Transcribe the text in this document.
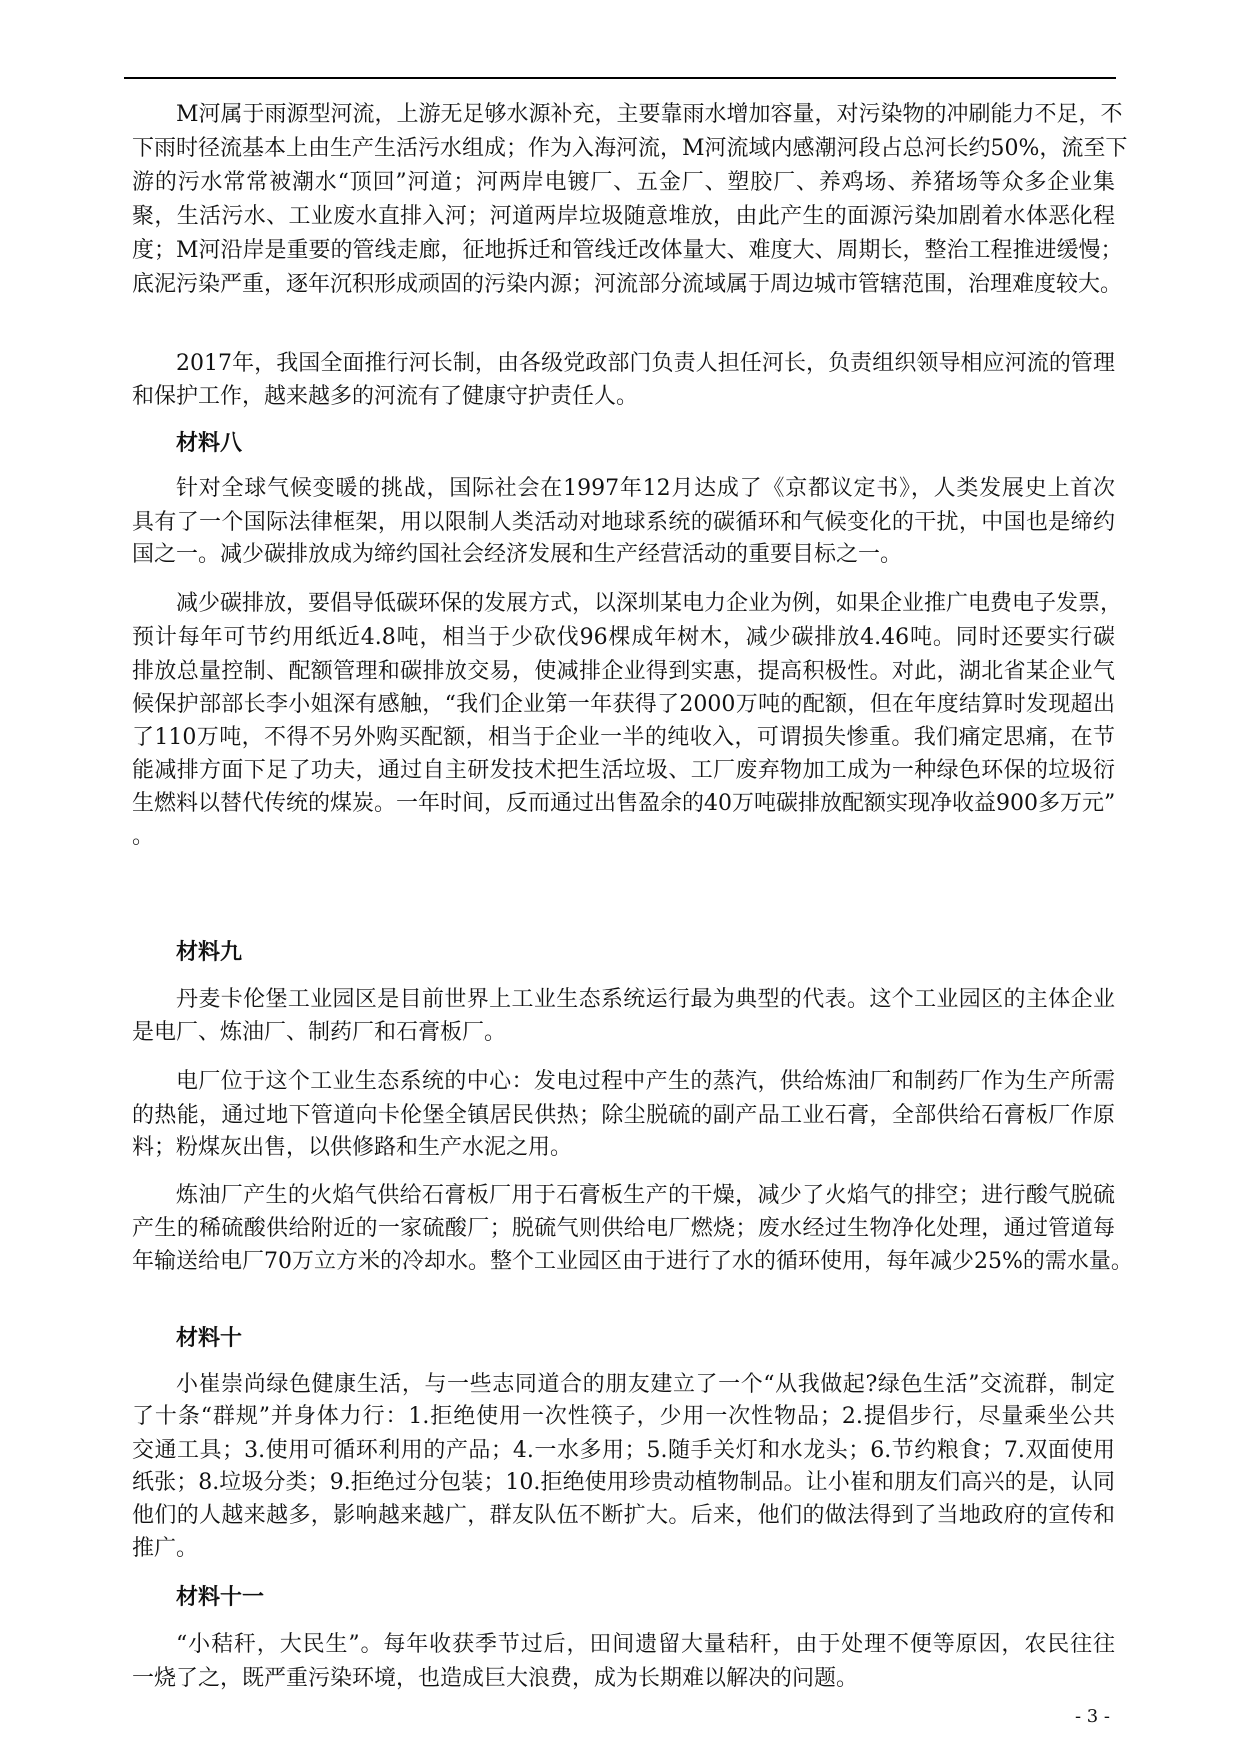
M河属于雨源型河流，上游无足够水源补充，主要靠雨水增加容量，对污染物的冲刷能力不足，不
下雨时径流基本上由生产生活污水组成；作为入海河流，M河流域内感潮河段占总河长约50%，流至下
游的污水常常被潮水“顶回”河道；河两岸电镀厂、五金厂、塑胶厂、养鸡场、养猪场等众多企业集
聚，生活污水、工业废水直排入河；河道两岸垃圾随意堆放，由此产生的面源污染加剧着水体恶化程
度；M河沿岸是重要的管线走廊，征地拆迁和管线迁改体量大、难度大、周期长，整治工程推进缓慢；
底泥污染严重，逐年沉积形成顽固的污染内源；河流部分流域属于周边城市管辖范围，治理难度较大。
2017年，我国全面推行河长制，由各级党政部门负责人担任河长，负责组织领导相应河流的管理
和保护工作，越来越多的河流有了健康守护责任人。
材料八
针对全球气候变暖的挑战，国际社会在1997年12月达成了《京都议定书》，人类发展史上首次
具有了一个国际法律框架，用以限制人类活动对地球系统的碳循环和气候变化的干扰，中国也是缔约
国之一。减少碳排放成为缔约国社会经济发展和生产经营活动的重要目标之一。
减少碳排放，要倡导低碳环保的发展方式，以深圳某电力企业为例，如果企业推广电费电子发票，
预计每年可节约用纸近4.8吨，相当于少砍伐96棵成年树木，减少碳排放4.46吨。同时还要实行碳
排放总量控制、配额管理和碳排放交易，使减排企业得到实惠，提高积极性。对此，湖北省某企业气
候保护部部长李小姐深有感触，“我们企业第一年获得了2000万吨的配额，但在年度结算时发现超出
了110万吨，不得不另外购买配额，相当于企业一半的纯收入，可谓损失惨重。我们痛定思痛，在节
能减排方面下足了功夫，通过自主研发技术把生活垃圾、工厂废弃物加工成为一种绿色环保的垃圾衍
生燃料以替代传统的煤炭。一年时间，反而通过出售盈余的40万吨碳排放配额实现净收益900多万元”
。
材料九
丹麦卡伦堡工业园区是目前世界上工业生态系统运行最为典型的代表。这个工业园区的主体企业
是电厂、炼油厂、制药厂和石膏板厂。
电厂位于这个工业生态系统的中心：发电过程中产生的蒸汽，供给炼油厂和制药厂作为生产所需
的热能，通过地下管道向卡伦堡全镇居民供热；除尘脱硫的副产品工业石膏，全部供给石膏板厂作原
料；粉煤灰出售，以供修路和生产水泥之用。
炼油厂产生的火焰气供给石膏板厂用于石膏板生产的干燥，减少了火焰气的排空；进行酸气脱硫
产生的稀硫酸供给附近的一家硫酸厂；脱硫气则供给电厂燃烧；废水经过生物净化处理，通过管道每
年输送给电厂70万立方米的冷却水。整个工业园区由于进行了水的循环使用，每年减少25%的需水量。
材料十
小崔崇尚绿色健康生活，与一些志同道合的朋友建立了一个“从我做起?绿色生活”交流群，制定
了十条“群规”并身体力行：1.拒绝使用一次性筷子，少用一次性物品；2.提倡步行，尽量乘坐公共
交通工具；3.使用可循环利用的产品；4.一水多用；5.随手关灯和水龙头；6.节约粮食；7.双面使用
纸张；8.垃圾分类；9.拒绝过分包装；10.拒绝使用珍贵动植物制品。让小崔和朋友们高兴的是，认同
他们的人越来越多，影响越来越广，群友队伍不断扩大。后来，他们的做法得到了当地政府的宣传和
推广。
材料十一
“小秸秆，大民生”。每年收获季节过后，田间遗留大量秸秆，由于处理不便等原因，农民往往
一烧了之，既严重污染环境，也造成巨大浪费，成为长期难以解决的问题。
- 3 -
